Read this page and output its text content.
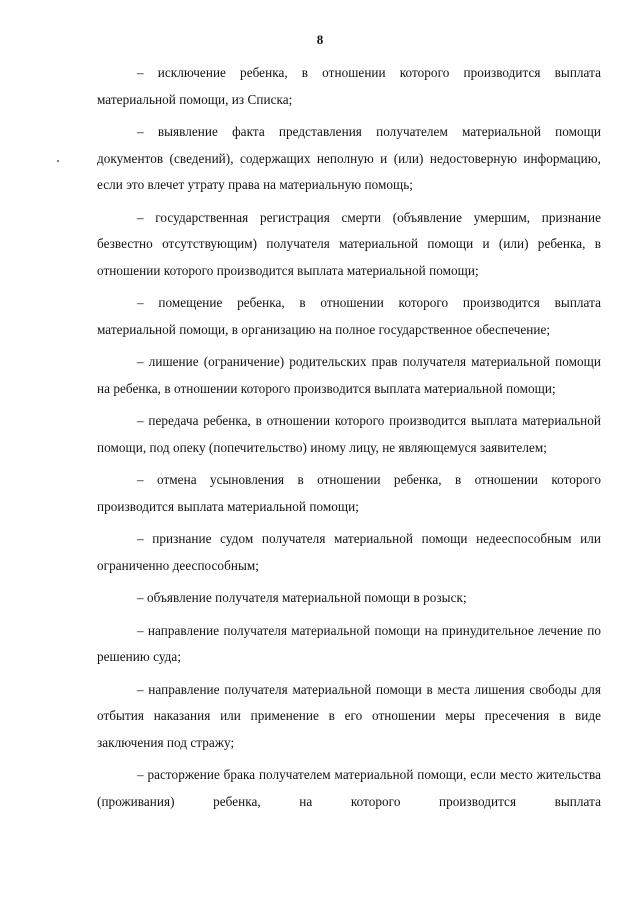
8

– исключение ребенка, в отношении которого производится выплата материальной помощи, из Списка;

– выявление факта представления получателем материальной помощи документов (сведений), содержащих неполную и (или) недостоверную информацию, если это влечет утрату права на материальную помощь;

– государственная регистрация смерти (объявление умершим, признание безвестно отсутствующим) получателя материальной помощи и (или) ребенка, в отношении которого производится выплата материальной помощи;

– помещение ребенка, в отношении которого производится выплата материальной помощи, в организацию на полное государственное обеспечение;

– лишение (ограничение) родительских прав получателя материальной помощи на ребенка, в отношении которого производится выплата материальной помощи;

– передача ребенка, в отношении которого производится выплата материальной помощи, под опеку (попечительство) иному лицу, не являющемуся заявителем;

– отмена усыновления в отношении ребенка, в отношении которого производится выплата материальной помощи;

– признание судом получателя материальной помощи недееспособным или ограниченно дееспособным;

– объявление получателя материальной помощи в розыск;

– направление получателя материальной помощи на принудительное лечение по решению суда;

– направление получателя материальной помощи в места лишения свободы для отбытия наказания или применение в его отношении меры пресечения в виде заключения под стражу;

– расторжение брака получателем материальной помощи, если место жительства (проживания) ребенка, на которого производится выплата
